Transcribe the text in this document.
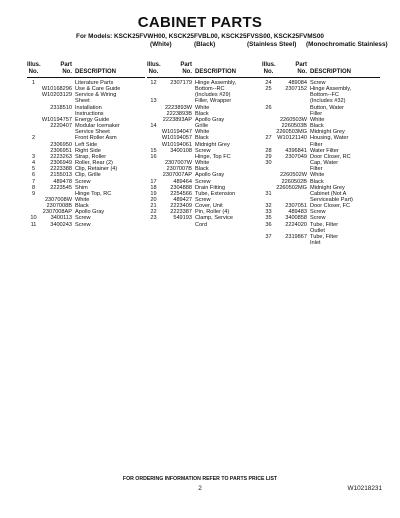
CABINET PARTS
For Models: KSCK25FVWH00, KSCK25FVBL00, KSCK25FVSS00, KSCK25FVMS00
(White)	(Black)	(Stainless Steel) (Monochromatic Stainless)
Illus.
No.
Part
No. DESCRIPTION
1	Literature Parts
W10168296 Use & Care Guide
W10203129 Service & Wiring
Sheet
2318510 Installation
Instructions
W10194757 Energy Guide
2220407 Modular Icemaker
Service Sheet
2	Front Roller Asm
2306950 Left Side
2306951 Right Side
3	2223263 Strap, Roller
4	2306949 Roller, Rear (2)
5	2223388 Clip, Retainer (4)
6	2155013 Clip, Grille
7	489478 Screw
8	2223545 Shim
9	Hinge Top, RC
2307008W White
2307008B Black
2307008AP Apollo Gray
10	3400113 Screw
11	3400243 Screw
Illus.
No.
Part
No. DESCRIPTION
12	2307179 Hinge Assembly,
Bottom--RC
(Includes #29)
13	Filler, Wrapper
2223893W White
2223893B Black
2223893AP Apollo Gray
14	Grille
W10194047 White
W10194057 Black
W10194061 Midnight Grey
15	3400108 Screw
16	Hinge, Top FC
2307007W White
2307007B Black
2307007AP Apollo Gray
17	489464 Screw
18	2304888 Drain Fitting
19	2254566 Tube, Extension
20	489427 Screw
21	2223409 Cover, Unit
22	2223387 Pin, Roller (4)
23	549193 Clamp, Service
Cord
Illus.
No.
Part
No. DESCRIPTION
24	489084 Screw
25	2307152 Hinge Assembly,
Bottom--FC
(Includes #32)
26	Button, Water
Filler
2260503W White
2260503B Black
2260503MG Midnight Grey
27	W10121140 Housing, Water
Filter
28	4396841 Water Filter
29	2307049 Door Closer, RC
30	Cap, Water
Filter
2260502W White
2260502B Black
2260502MG Midnight Grey
31	Cabinet (Not A
Serviceable Part)
32	2307051 Door Closer, FC
33	489483 Screw
35	3400858 Screw
36	2224020 Tube, Filter
Outlet
37	2319867 Tube, Filter
Inlet
FOR ORDERING INFORMATION REFER TO PARTS PRICE LIST
2	W10218231
